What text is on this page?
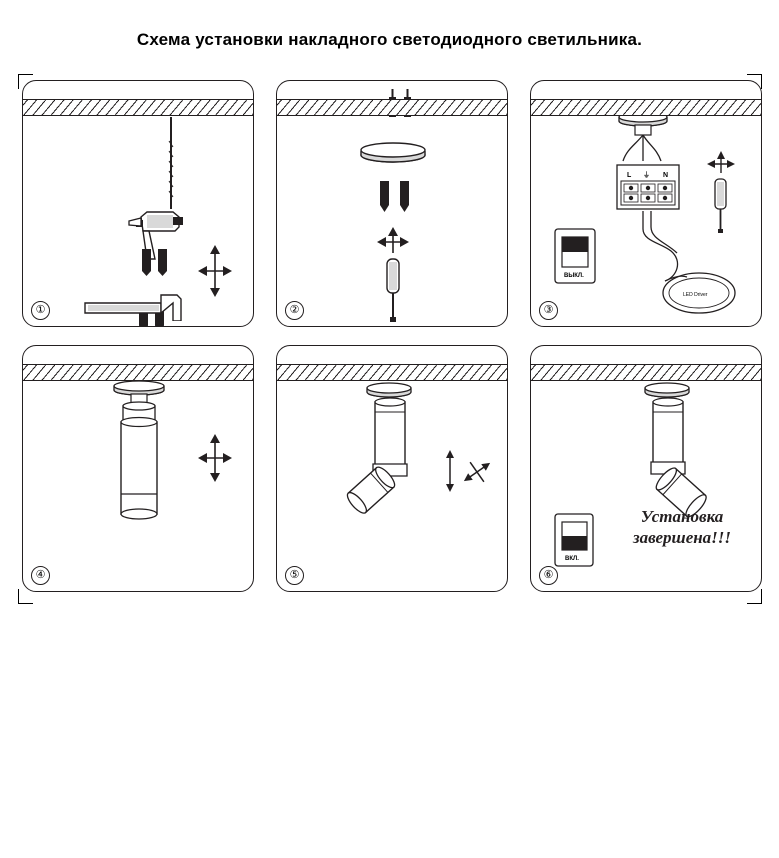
Схема установки накладного светодиодного светильника.
①	②
L ⏚ N
ВЫКЛ.
LED Driver
③
④	⑤
ВКЛ.
Установка завершена!!!
⑥
